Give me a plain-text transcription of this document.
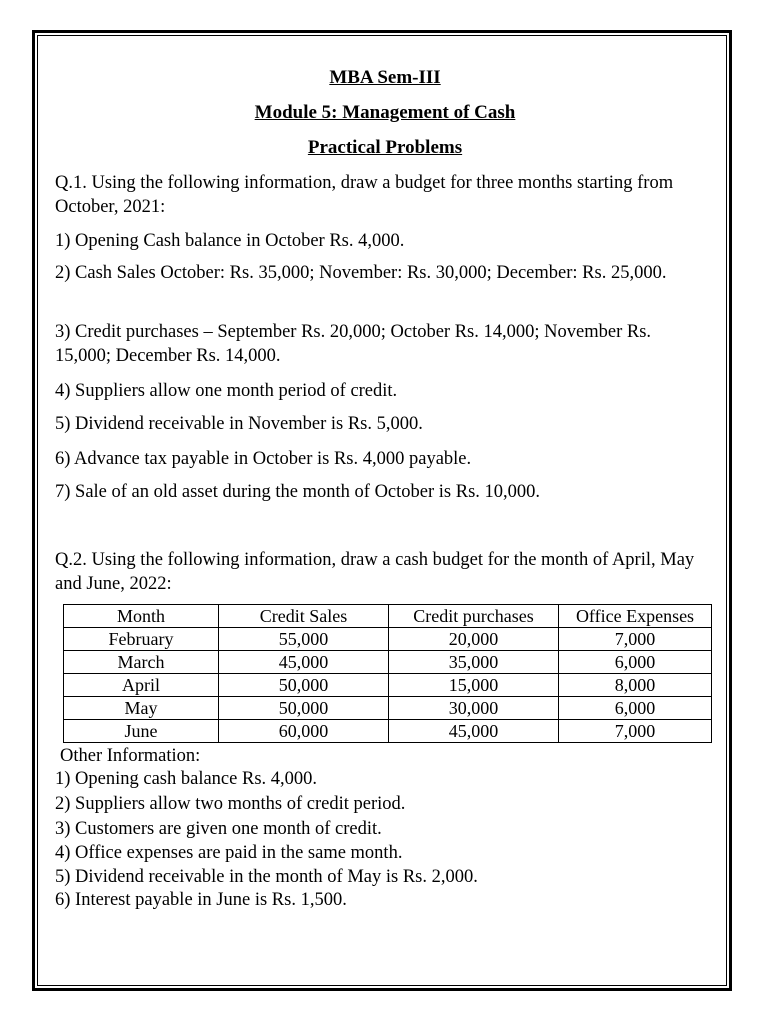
MBA Sem-III
Module 5: Management of Cash
Practical Problems
Q.1. Using the following information, draw a budget for three months starting from October, 2021:
1) Opening Cash balance in October Rs. 4,000.
2) Cash Sales October: Rs. 35,000; November: Rs. 30,000; December: Rs. 25,000.
3) Credit purchases – September Rs. 20,000; October Rs. 14,000; November Rs. 15,000; December Rs. 14,000.
4) Suppliers allow one month period of credit.
5) Dividend receivable in November is Rs. 5,000.
6) Advance tax payable in October is Rs. 4,000 payable.
7) Sale of an old asset during the month of October is Rs. 10,000.
Q.2. Using the following information, draw a cash budget for the month of April, May and June, 2022:
Month	Credit Sales	Credit purchases	Office Expenses
February	55,000	20,000	7,000
March	45,000	35,000	6,000
April	50,000	15,000	8,000
May	50,000	30,000	6,000
June	60,000	45,000	7,000
Other Information:
1) Opening cash balance Rs. 4,000.
2) Suppliers allow two months of credit period.
3) Customers are given one month of credit.
4) Office expenses are paid in the same month.
5) Dividend receivable in the month of May is Rs. 2,000.
6) Interest payable in June is Rs. 1,500.
